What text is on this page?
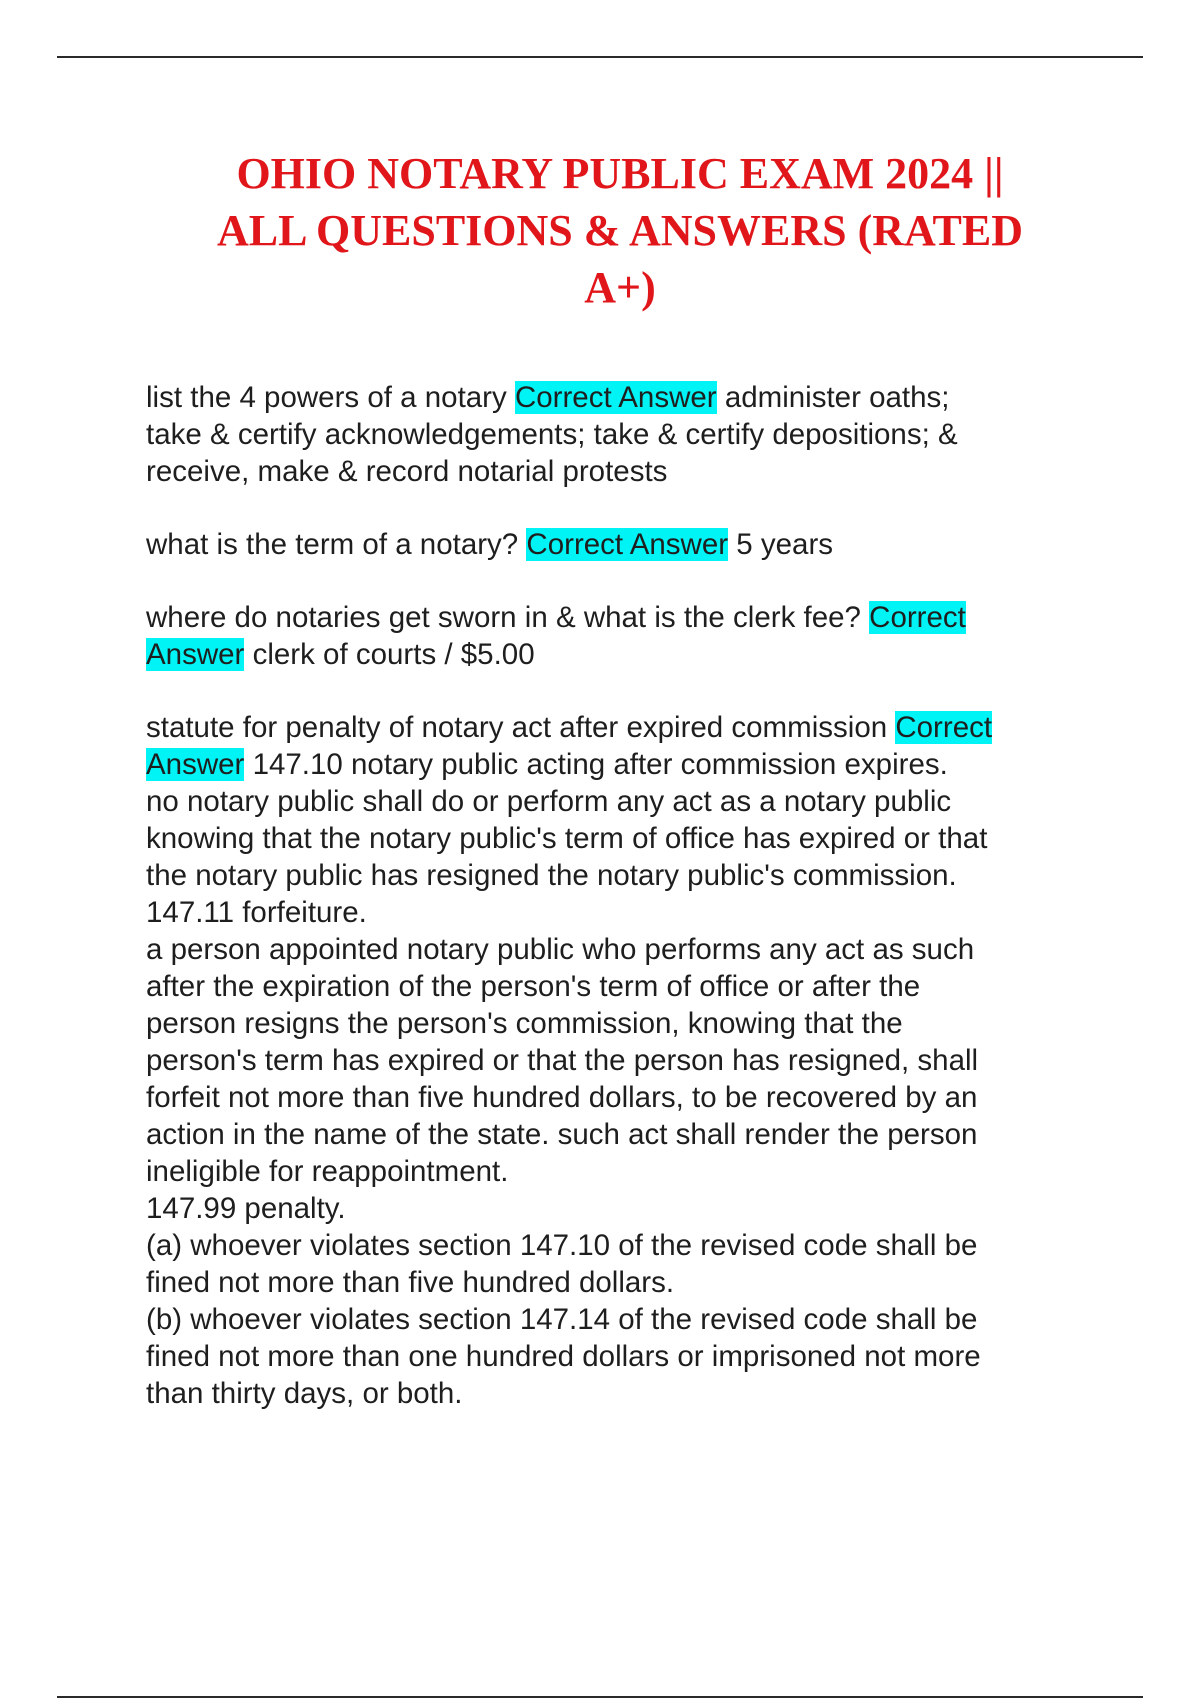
OHIO NOTARY PUBLIC EXAM 2024 ||
ALL QUESTIONS & ANSWERS (RATED
A+)
list the 4 powers of a notary Correct Answer administer oaths;
take & certify acknowledgements; take & certify depositions; &
receive, make & record notarial protests
what is the term of a notary? Correct Answer 5 years
where do notaries get sworn in & what is the clerk fee? Correct
Answer clerk of courts / $5.00
statute for penalty of notary act after expired commission Correct
Answer 147.10 notary public acting after commission expires.
no notary public shall do or perform any act as a notary public
knowing that the notary public's term of office has expired or that
the notary public has resigned the notary public's commission.
147.11 forfeiture.
a person appointed notary public who performs any act as such
after the expiration of the person's term of office or after the
person resigns the person's commission, knowing that the
person's term has expired or that the person has resigned, shall
forfeit not more than five hundred dollars, to be recovered by an
action in the name of the state. such act shall render the person
ineligible for reappointment.
147.99 penalty.
(a) whoever violates section 147.10 of the revised code shall be
fined not more than five hundred dollars.
(b) whoever violates section 147.14 of the revised code shall be
fined not more than one hundred dollars or imprisoned not more
than thirty days, or both.
